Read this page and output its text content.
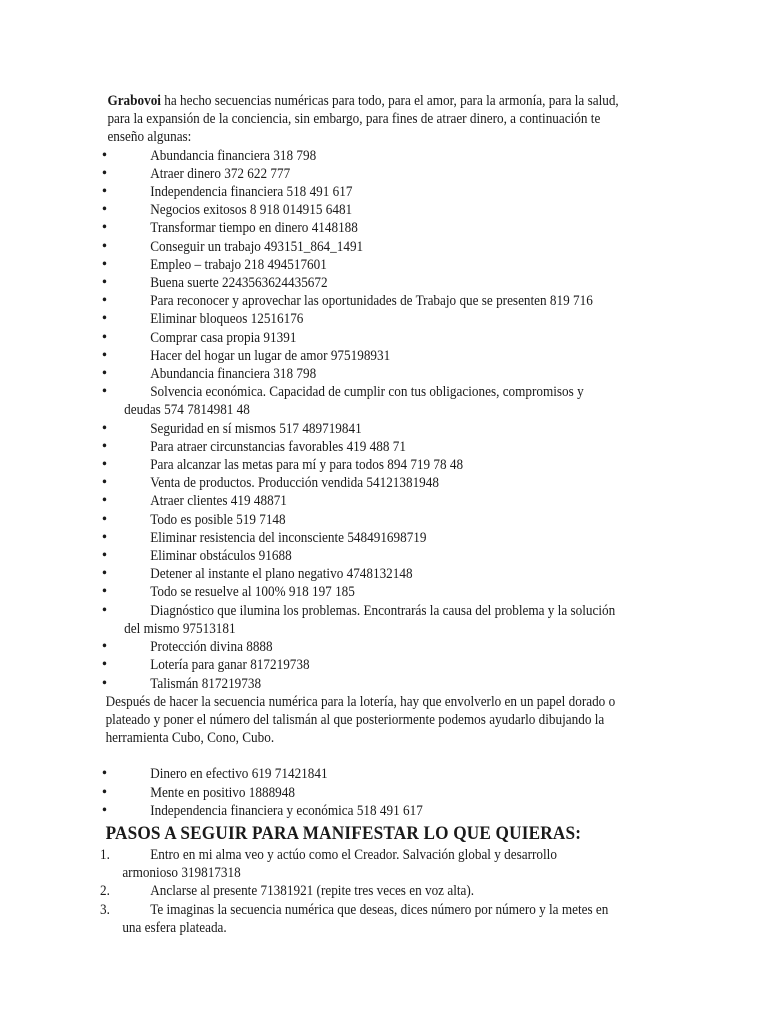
Grabovoi ha hecho secuencias numéricas para todo, para el amor, para la armonía, para la salud, para la expansión de la conciencia, sin embargo, para fines de atraer dinero, a continuación te enseño algunas:

• Abundancia financiera 318 798
• Atraer dinero 372 622 777
• Independencia financiera 518 491 617
• Negocios exitosos 8 918 014915 6481
• Transformar tiempo en dinero 4148188
• Conseguir un trabajo 493151_864_1491
• Empleo – trabajo 218 494517601
• Buena suerte 2243563624435672
• Para reconocer y aprovechar las oportunidades de Trabajo que se presenten 819 716
• Eliminar bloqueos 12516176
• Comprar casa propia 91391
• Hacer del hogar un lugar de amor 975198931
• Abundancia financiera 318 798
• Solvencia económica. Capacidad de cumplir con tus obligaciones, compromisos y
deudas 574 7814981 48
• Seguridad en sí mismos 517 489719841
• Para atraer circunstancias favorables 419 488 71
• Para alcanzar las metas para mí y para todos 894 719 78 48
• Venta de productos. Producción vendida 54121381948
• Atraer clientes 419 48871
• Todo es posible 519 7148
• Eliminar resistencia del inconsciente 548491698719
• Eliminar obstáculos 91688
• Detener al instante el plano negativo 4748132148
• Todo se resuelve al 100% 918 197 185
• Diagnóstico que ilumina los problemas. Encontrarás la causa del problema y la solución
del mismo 97513181
• Protección divina 8888
• Lotería para ganar 817219738
• Talismán 817219738

Después de hacer la secuencia numérica para la lotería, hay que envolverlo en un papel dorado o plateado y poner el número del talismán al que posteriormente podemos ayudarlo dibujando la herramienta Cubo, Cono, Cubo.

• Dinero en efectivo 619 71421841
• Mente en positivo 1888948
• Independencia financiera y económica 518 491 617
PASOS A SEGUIR PARA MANIFESTAR LO QUE QUIERAS:
1.	Entro en mi alma veo y actúo como el Creador. Salvación global y desarrollo
armonioso 319817318
2.	Anclarse al presente 71381921 (repite tres veces en voz alta).
3.	Te imaginas la secuencia numérica que deseas, dices número por número y la metes en
una esfera plateada.
